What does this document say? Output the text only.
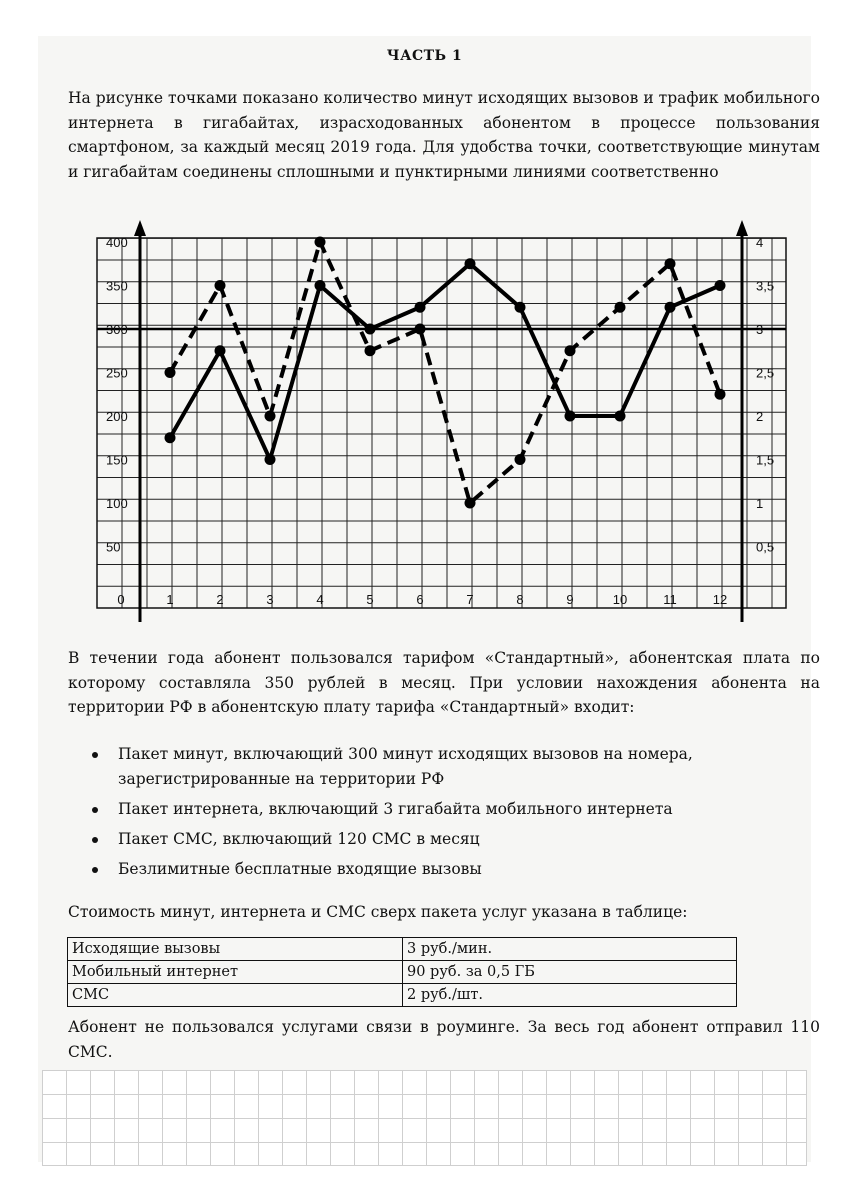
ЧАСТЬ 1
На рисунке точками показано количество минут исходящих вызовов и трафик мобильного интернета в гигабайтах, израсходованных абонентом в процессе пользования смартфоном, за каждый месяц 2019 года. Для удобства точки, соответствующие минутам и гигабайтам соединены сплошными и пунктирными линиями соответственно
50
100
150
200
250
300
350
400
0,5
1
1,5
2
2,5
3
3,5
4
0	1	2	3	4	5	6	7	8	9	10	11	12
В течении года абонент пользовался тарифом «Стандартный», абонентская плата по которому составляла 350 рублей в месяц. При условии нахождения абонента на территории РФ в абонентскую плату тарифа «Стандартный» входит:
Пакет минут, включающий 300 минут исходящих вызовов на номера, зарегистрированные на территории РФ
Пакет интернета, включающий 3 гигабайта мобильного интернета
Пакет СМС, включающий 120 СМС в месяц
Безлимитные бесплатные входящие вызовы
Стоимость минут, интернета и СМС сверх пакета услуг указана в таблице:
Исходящие вызовы	3 руб./мин.
Мобильный интернет	90 руб. за 0,5 ГБ
СМС	2 руб./шт.
Абонент не пользовался услугами связи в роуминге. За весь год абонент отправил 110 СМС.
